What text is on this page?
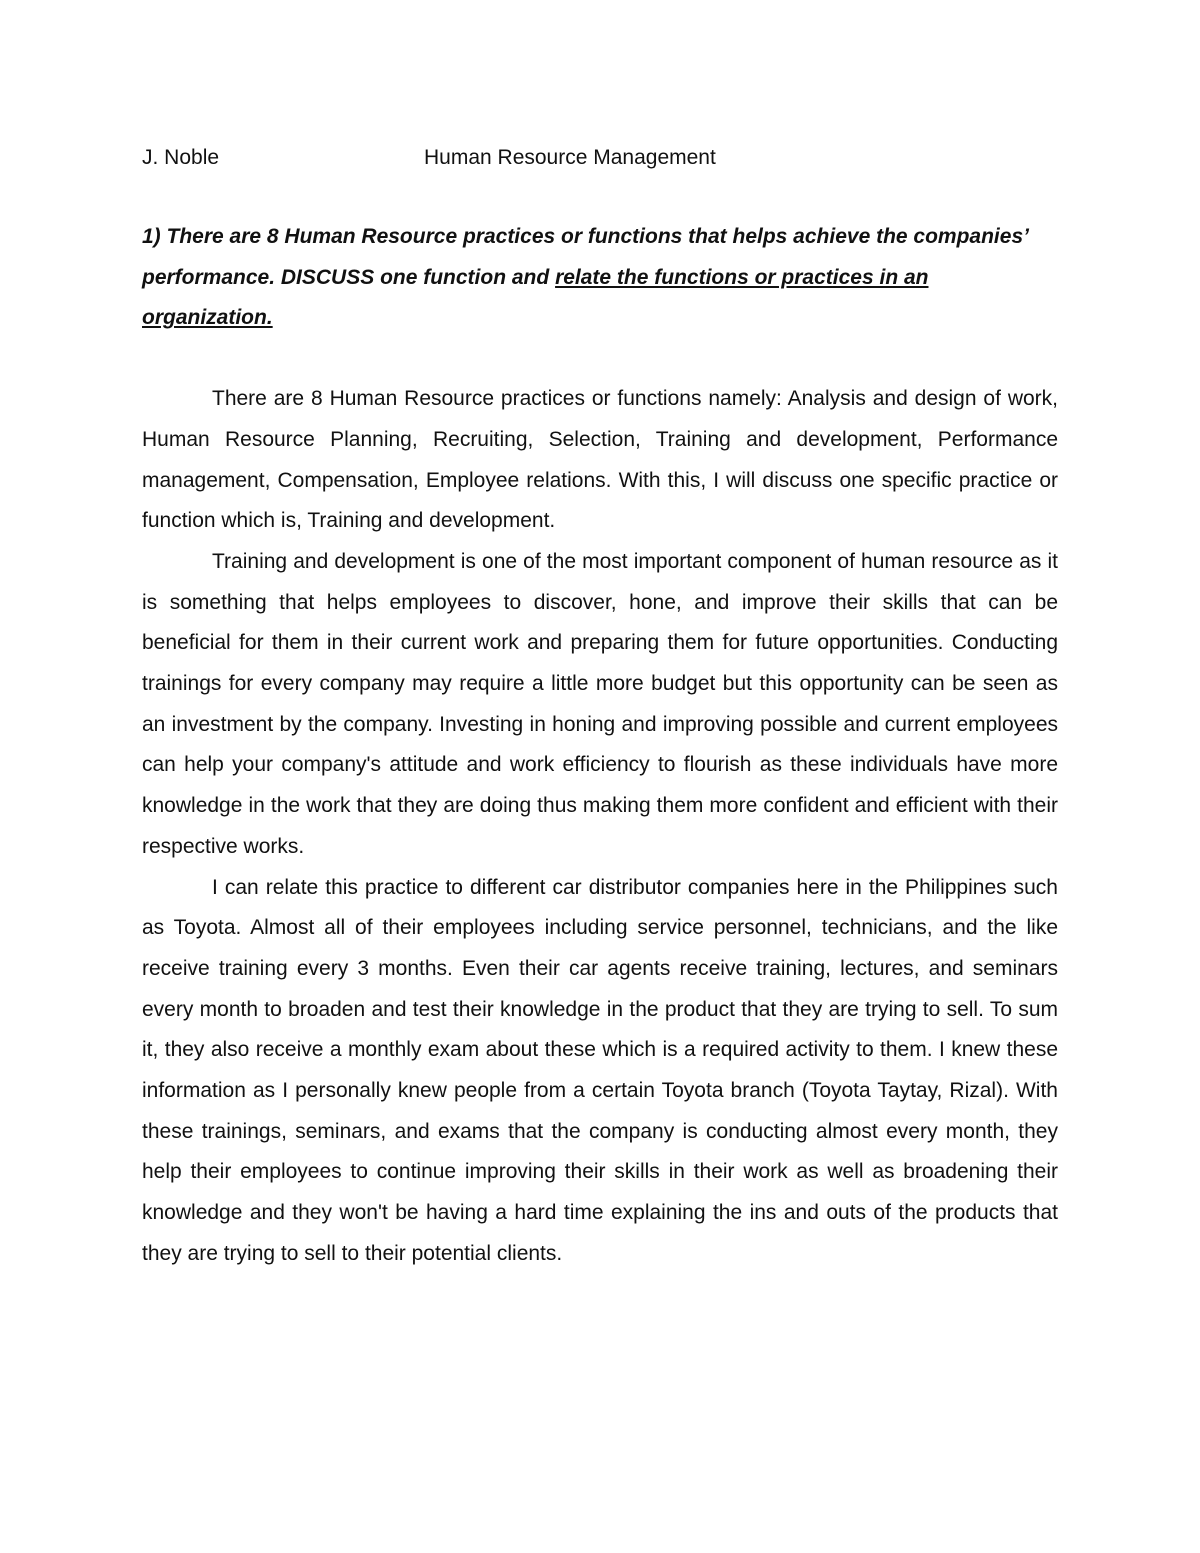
J. Noble	Human Resource Management
1) There are 8 Human Resource practices or functions that helps achieve the companies’ performance. DISCUSS one function and relate the functions or practices in an organization.

There are 8 Human Resource practices or functions namely: Analysis and design of work, Human Resource Planning, Recruiting, Selection, Training and development, Performance management, Compensation, Employee relations. With this, I will discuss one specific practice or function which is, Training and development.

Training and development is one of the most important component of human resource as it is something that helps employees to discover, hone, and improve their skills that can be beneficial for them in their current work and preparing them for future opportunities. Conducting trainings for every company may require a little more budget but this opportunity can be seen as an investment by the company. Investing in honing and improving possible and current employees can help your company's attitude and work efficiency to flourish as these individuals have more knowledge in the work that they are doing thus making them more confident and efficient with their respective works.

I can relate this practice to different car distributor companies here in the Philippines such as Toyota. Almost all of their employees including service personnel, technicians, and the like receive training every 3 months. Even their car agents receive training, lectures, and seminars every month to broaden and test their knowledge in the product that they are trying to sell. To sum it, they also receive a monthly exam about these which is a required activity to them. I knew these information as I personally knew people from a certain Toyota branch (Toyota Taytay, Rizal). With these trainings, seminars, and exams that the company is conducting almost every month, they help their employees to continue improving their skills in their work as well as broadening their knowledge and they won't be having a hard time explaining the ins and outs of the products that they are trying to sell to their potential clients.
